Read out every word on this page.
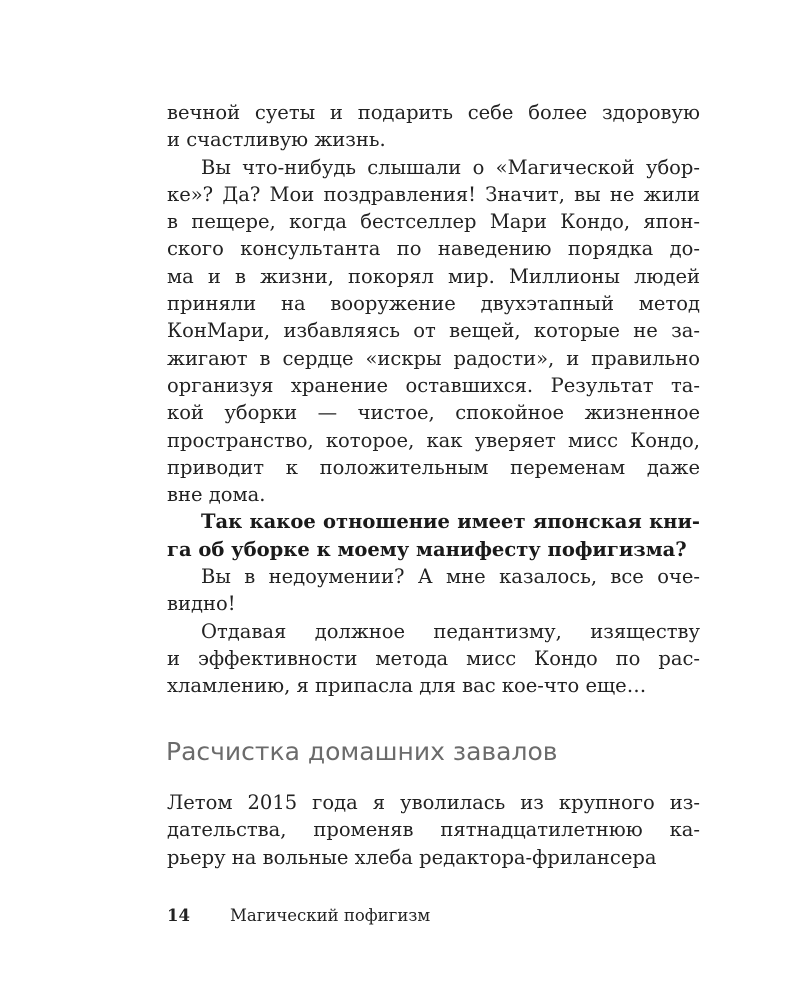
вечной суеты и подарить себе более здоровую
и счастливую жизнь.
Вы что-нибудь слышали о «Магической убор-
ке»? Да? Мои поздравления! Значит, вы не жили
в пещере, когда бестселлер Мари Кондо, япон-
ского консультанта по наведению порядка до-
ма и в жизни, покорял мир. Миллионы людей
приняли на вооружение двухэтапный метод
КонМари, избавляясь от вещей, которые не за-
жигают в сердце «искры радости», и правильно
организуя хранение оставшихся. Результат та-
кой уборки — чистое, спокойное жизненное
пространство, которое, как уверяет мисс Кондо,
приводит к положительным переменам даже
вне дома.
Так какое отношение имеет японская кни-
га об уборке к моему манифесту пофигизма?
Вы в недоумении? А мне казалось, все оче-
видно!
Отдавая должное педантизму, изяществу
и эффективности метода мисс Кондо по рас-
хламлению, я припасла для вас кое-что еще…
Расчистка домашних завалов
Летом 2015 года я уволилась из крупного из-
дательства, променяв пятнадцатилетнюю ка-
рьеру на вольные хлеба редактора-фрилансера
14 Магический пофигизм
